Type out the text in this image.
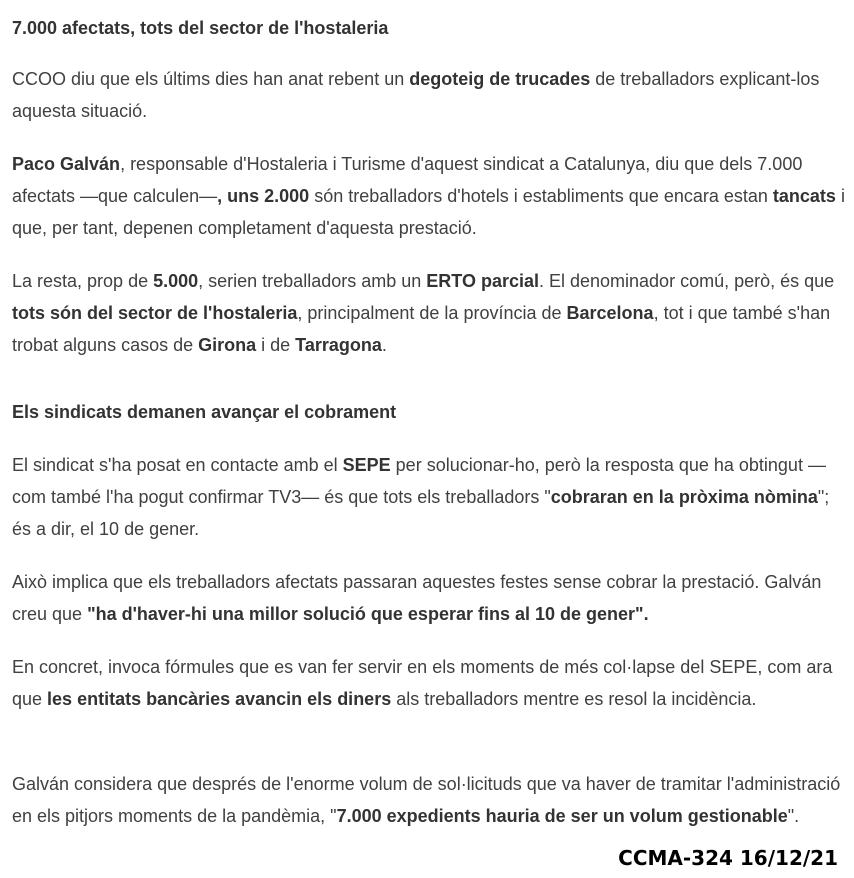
7.000 afectats, tots del sector de l'hostaleria

CCOO diu que els últims dies han anat rebent un degoteig de trucades de treballadors explicant-los aquesta situació.

Paco Galván, responsable d'Hostaleria i Turisme d'aquest sindicat a Catalunya, diu que dels 7.000 afectats —que calculen—, uns 2.000 són treballadors d'hotels i establiments que encara estan tancats i que, per tant, depenen completament d'aquesta prestació.

La resta, prop de 5.000, serien treballadors amb un ERTO parcial. El denominador comú, però, és que tots són del sector de l'hostaleria, principalment de la província de Barcelona, tot i que també s'han trobat alguns casos de Girona i de Tarragona.

Els sindicats demanen avançar el cobrament

El sindicat s'ha posat en contacte amb el SEPE per solucionar-ho, però la resposta que ha obtingut —com també l'ha pogut confirmar TV3— és que tots els treballadors "cobraran en la pròxima nòmina"; és a dir, el 10 de gener.

Això implica que els treballadors afectats passaran aquestes festes sense cobrar la prestació. Galván creu que "ha d'haver-hi una millor solució que esperar fins al 10 de gener".

En concret, invoca fórmules que es van fer servir en els moments de més col·lapse del SEPE, com ara que les entitats bancàries avancin els diners als treballadors mentre es resol la incidència.

Galván considera que després de l'enorme volum de sol·licituds que va haver de tramitar l'administració en els pitjors moments de la pandèmia, "7.000 expedients hauria de ser un volum gestionable".

CCMA-324 16/12/21
